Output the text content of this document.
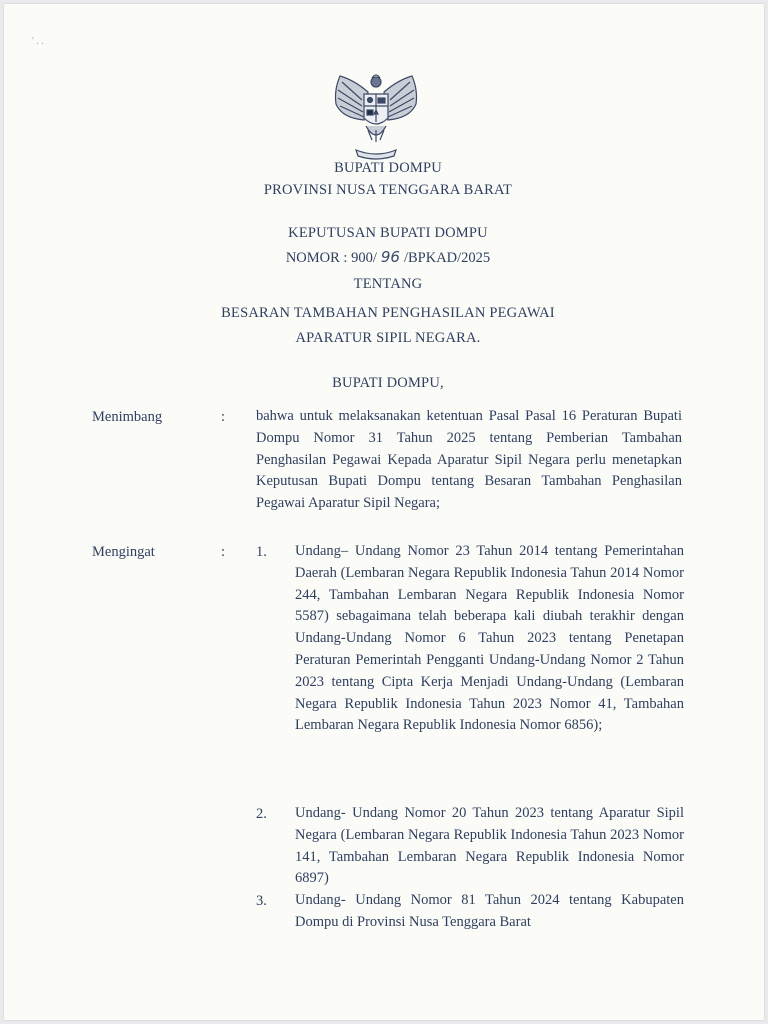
' . .
BUPATI DOMPU
PROVINSI NUSA TENGGARA BARAT
KEPUTUSAN BUPATI DOMPU
NOMOR : 900/ 96 /BPKAD/2025
TENTANG
BESARAN TAMBAHAN PENGHASILAN PEGAWAI
APARATUR SIPIL NEGARA.
BUPATI DOMPU,
Menimbang	: bahwa untuk melaksanakan ketentuan Pasal Pasal 16 Peraturan Bupati Dompu Nomor 31 Tahun 2025 tentang Pemberian Tambahan Penghasilan Pegawai Kepada Aparatur Sipil Negara perlu menetapkan Keputusan Bupati Dompu tentang Besaran Tambahan Penghasilan Pegawai Aparatur Sipil Negara;

Mengingat	: 1. Undang– Undang Nomor 23 Tahun 2014 tentang Pemerintahan Daerah (Lembaran Negara Republik Indonesia Tahun 2014 Nomor 244, Tambahan Lembaran Negara Republik Indonesia Nomor 5587) sebagaimana telah beberapa kali diubah terakhir dengan Undang-Undang Nomor 6 Tahun 2023 tentang Penetapan Peraturan Pemerintah Pengganti Undang-Undang Nomor 2 Tahun 2023 tentang Cipta Kerja Menjadi Undang-Undang (Lembaran Negara Republik Indonesia Tahun 2023 Nomor 41, Tambahan Lembaran Negara Republik Indonesia Nomor 6856);

2. Undang- Undang Nomor 20 Tahun 2023 tentang Aparatur Sipil Negara (Lembaran Negara Republik Indonesia Tahun 2023 Nomor 141, Tambahan Lembaran Negara Republik Indonesia Nomor 6897)

3. Undang- Undang Nomor 81 Tahun 2024 tentang Kabupaten Dompu di Provinsi Nusa Tenggara Barat
